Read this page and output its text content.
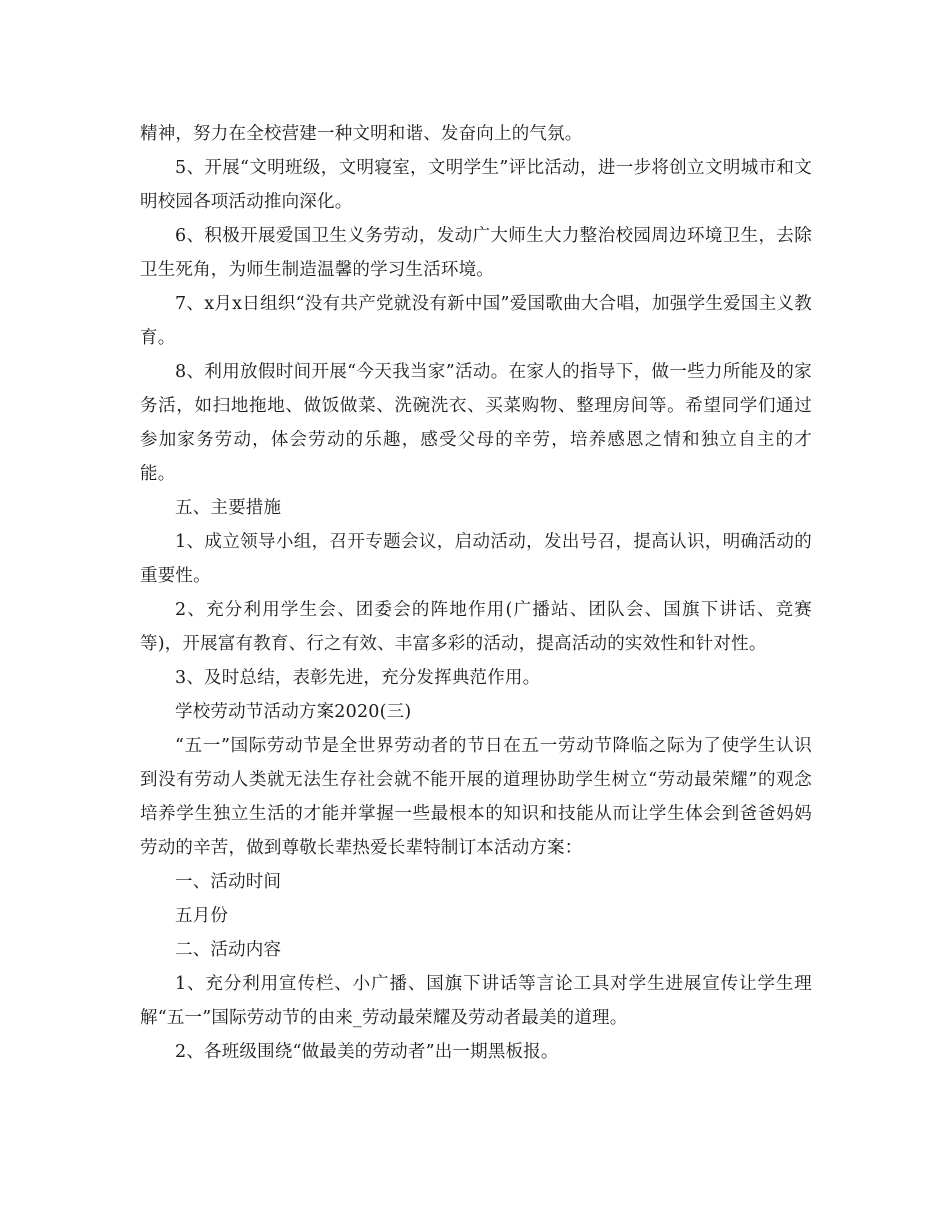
精神，努力在全校营建一种文明和谐、发奋向上的气氛。

5、开展“文明班级，文明寝室，文明学生”评比活动，进一步将创立文明城市和文明校园各项活动推向深化。

6、积极开展爱国卫生义务劳动，发动广大师生大力整治校园周边环境卫生，去除卫生死角，为师生制造温馨的学习生活环境。

7、x月x日组织“没有共产党就没有新中国”爱国歌曲大合唱，加强学生爱国主义教育。

8、利用放假时间开展“今天我当家”活动。在家人的指导下，做一些力所能及的家务活，如扫地拖地、做饭做菜、洗碗洗衣、买菜购物、整理房间等。希望同学们通过参加家务劳动，体会劳动的乐趣，感受父母的辛劳，培养感恩之情和独立自主的才能。

五、主要措施

1、成立领导小组，召开专题会议，启动活动，发出号召，提高认识，明确活动的重要性。

2、充分利用学生会、团委会的阵地作用(广播站、团队会、国旗下讲话、竞赛等)，开展富有教育、行之有效、丰富多彩的活动，提高活动的实效性和针对性。

3、及时总结，表彰先进，充分发挥典范作用。

学校劳动节活动方案2020(三)

“五一”国际劳动节是全世界劳动者的节日在五一劳动节降临之际为了使学生认识到没有劳动人类就无法生存社会就不能开展的道理协助学生树立“劳动最荣耀”的观念培养学生独立生活的才能并掌握一些最根本的知识和技能从而让学生体会到爸爸妈妈劳动的辛苦，做到尊敬长辈热爱长辈特制订本活动方案：

一、活动时间

五月份

二、活动内容

1、充分利用宣传栏、小广播、国旗下讲话等言论工具对学生进展宣传让学生理解“五一”国际劳动节的由来_劳动最荣耀及劳动者最美的道理。

2、各班级围绕“做最美的劳动者”出一期黑板报。
